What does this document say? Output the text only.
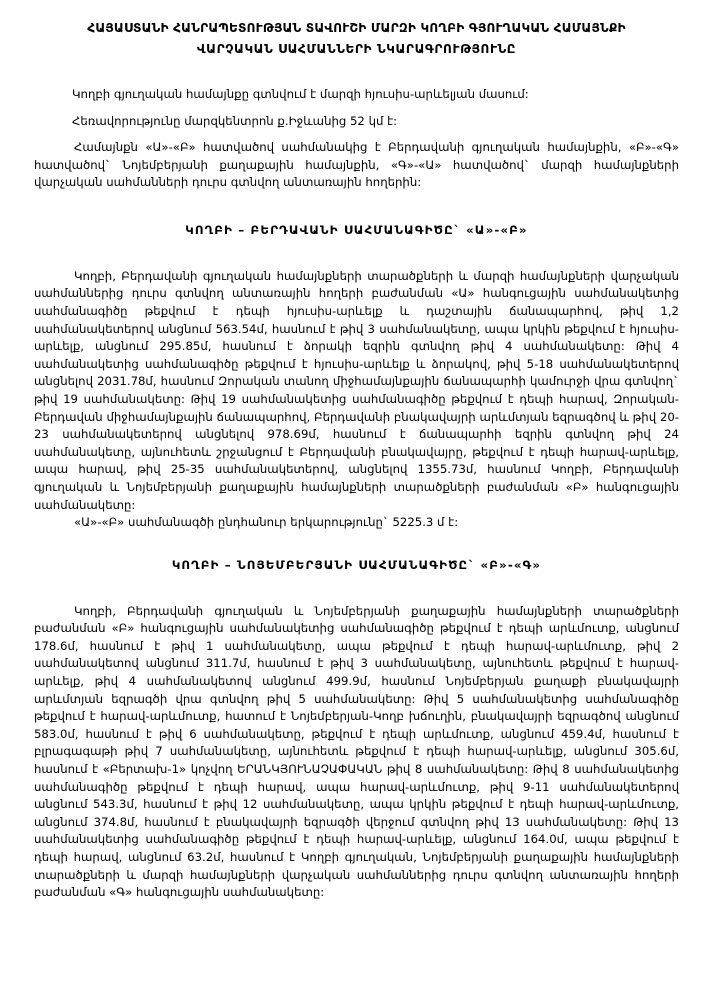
ՀԱՅԱՍՏԱՆԻ ՀԱՆՐԱՊԵՏՈՒԹՅԱՆ ՏԱՎՈՒՇԻ ՄԱՐԶԻ ԿՈՂԲԻ ԳՅՈՒՂԱԿԱՆ ՀԱՄԱՅՆՔԻ
ՎԱՐՉԱԿԱՆ ՍԱՀՄԱՆՆԵՐԻ ՆԿԱՐԱԳՐՈՒԹՅՈՒՆԸ

Կողբի գյուղական համայնքը գտնվում է մարզի հյուսիս-արևելյան մասում:

Հեռավորությունը մարզկենտրոն ք.Իջևանից 52 կմ է:

Համայնքն «Ա»-«Բ» հատվածով սահմանակից է Բերդավանի գյուղական համայնքին, «Բ»-«Գ» հատվածով` Նոյեմբերյանի քաղաքային համայնքին, «Գ»-«Ա» հատվածով` մարզի համայնքների վարչական սահմանների դուրս գտնվող անտառային հողերին:

ԿՈՂԲԻ – ԲԵՐԴԱՎԱՆԻ ՍԱՀՄԱՆԱԳԻԾԸ` «Ա»-«Բ»

Կողբի, Բերդավանի գյուղական համայնքների տարածքների և մարզի համայնքների վարչական սահմաններից դուրս գտնվող անտառային հողերի բաժանման «Ա» հանգուցային սահմանակետից սահմանագիծը թեքվում է դեպի հյուսիս-արևելք և դաշտային ճանապարհով, թիվ 1,2 սահմանակետերով անցնում 563.54մ, հասնում է թիվ 3 սահմանակետը, ապա կրկին թեքվում է հյուսիս-արևելք, անցնում 295.85մ, հասնում է ձորակի եզրին գտնվող թիվ 4 սահմանակետը: Թիվ 4 սահմանակետից սահմանագիծը թեքվում է հյուսիս-արևելք և ձորակով, թիվ 5-18 սահմանակետերով անցնելով 2031.78մ, հասնում Զորական տանող միջհամայնքային ճանապարհի կամուրջի վրա գտնվող` թիվ 19 սահմանակետը: Թիվ 19 սահմանակետից սահմանագիծը թեքվում է դեպի հարավ, Զորական-Բերդավան միջհամայնքային ճանապարհով, Բերդավանի բնակավայրի արևմտյան եզրագծով և թիվ 20-23 սահմանակետերով անցնելով 978.69մ, հասնում է ճանապարհի եզրին գտնվող թիվ 24 սահմանակետը, այնուհետև շրջանցում է Բերդավանի բնակավայրը, թեքվում է դեպի հարավ-արևելք, ապա հարավ, թիվ 25-35 սահմանակետերով, անցնելով 1355.73մ, հասնում Կողբի, Բերդավանի գյուղական և Նոյեմբերյանի քաղաքային համայնքների տարածքների բաժանման «Բ» հանգուցային սահմանակետը:

«Ա»-«Բ» սահմանագծի ընդհանուր երկարությունը` 5225.3 մ է:

ԿՈՂԲԻ – ՆՈՅԵՄԲԵՐՅԱՆԻ ՍԱՀՄԱՆԱԳԻԾԸ` «Բ»-«Գ»

Կողբի, Բերդավանի գյուղական և Նոյեմբերյանի քաղաքային համայնքների տարածքների բաժանման «Բ» հանգուցային սահմանակետից սահմանագիծը թեքվում է դեպի արևմուտք, անցնում 178.6մ, հասնում է թիվ 1 սահմանակետը, ապա թեքվում է դեպի հարավ-արևմուտք, թիվ 2 սահմանակետով անցնում 311.7մ, հասնում է թիվ 3 սահմանակետը, այնուհետև թեքվում է հարավ-արևելք, թիվ 4 սահմանակետով անցնում 499.9մ, հասնում Նոյեմբերյան քաղաքի բնակավայրի արևմտյան եզրագծի վրա գտնվող թիվ 5 սահմանակետը: Թիվ 5 սահմանակետից սահմանագիծը թեքվում է հարավ-արևմուտք, հատում է Նոյեմբերյան-Կողբ խճուղին, բնակավայրի եզրագծով անցնում 583.0մ, հասնում է թիվ 6 սահմանակետը, թեքվում է դեպի արևմուտք, անցնում 459.4մ, հասնում է բլրագագաթի թիվ 7 սահմանակետը, այնուհետև թեքվում է դեպի հարավ-արևելք, անցնում 305.6մ, հասնում է «Բերտախ-1» կոչվող ԵՐԱՆԿՅՈՒՆԱՉԱՓԱԿԱՆ թիվ 8 սահմանակետը: Թիվ 8 սահմանակետից սահմանագիծը թեքվում է դեպի հարավ, ապա հարավ-արևմուտք, թիվ 9-11 սահմանակետերով անցնում 543.3մ, հասնում է թիվ 12 սահմանակետը, ապա կրկին թեքվում է դեպի հարավ-արևմուտք, անցնում 374.8մ, հասնում է բնակավայրի եզրագծի վերջում գտնվող թիվ 13 սահմանակետը: Թիվ 13 սահմանակետից սահմանագիծը թեքվում է դեպի հարավ-արևելք, անցնում 164.0մ, ապա թեքվում է դեպի հարավ, անցնում 63.2մ, հասնում է Կողբի գյուղական, Նոյեմբերյանի քաղաքային համայնքների տարածքների և մարզի համայնքների վարչական սահմաններից դուրս գտնվող անտառային հողերի բաժանման «Գ» հանգուցային սահմանակետը:
